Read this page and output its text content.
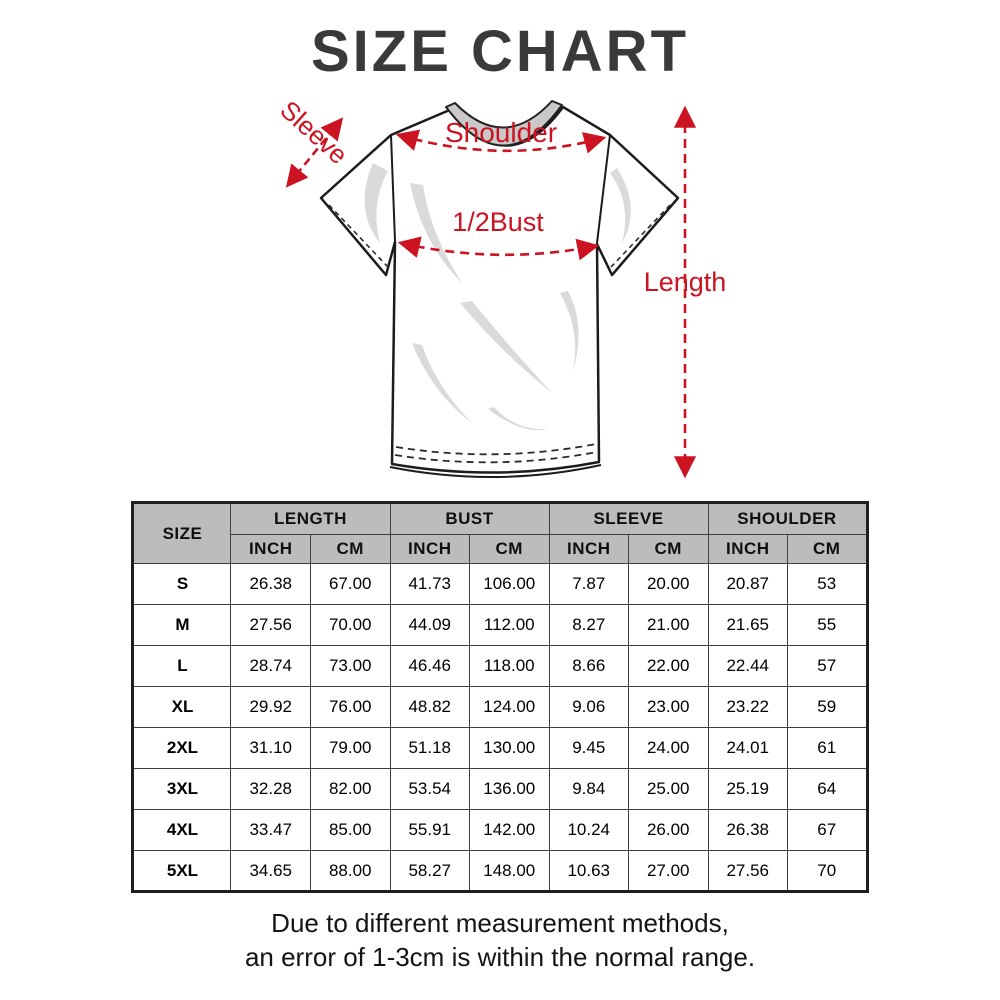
SIZE CHART
Shoulder
1/2Bust
Length
Sleeve
SIZE	LENGTH		BUST		SLEEVE		SHOULDER	
	INCH	CM	INCH	CM	INCH	CM	INCH	CM
S	26.38	67.00	41.73	106.00	7.87	20.00	20.87	53
M	27.56	70.00	44.09	112.00	8.27	21.00	21.65	55
L	28.74	73.00	46.46	118.00	8.66	22.00	22.44	57
XL	29.92	76.00	48.82	124.00	9.06	23.00	23.22	59
2XL	31.10	79.00	51.18	130.00	9.45	24.00	24.01	61
3XL	32.28	82.00	53.54	136.00	9.84	25.00	25.19	64
4XL	33.47	85.00	55.91	142.00	10.24	26.00	26.38	67
5XL	34.65	88.00	58.27	148.00	10.63	27.00	27.56	70

Due to different measurement methods,

an error of 1-3cm is within the normal range.
